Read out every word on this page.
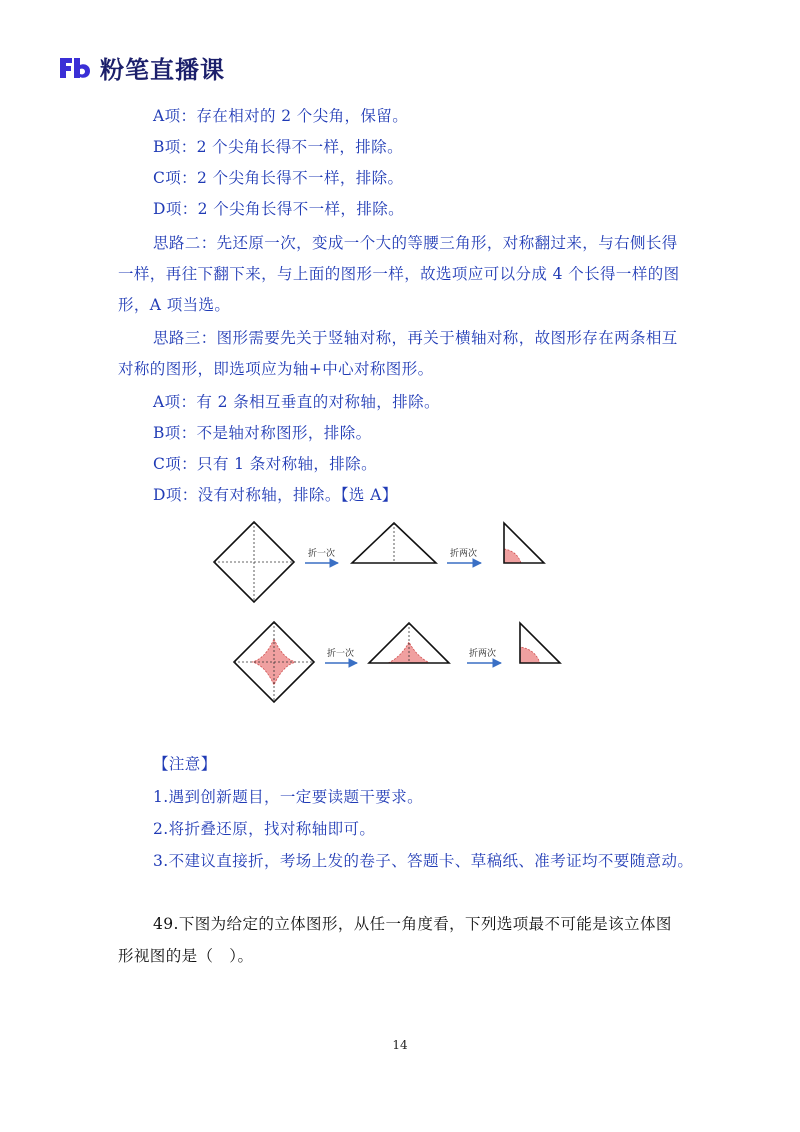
粉笔直播课
A项：存在相对的 2 个尖角，保留。
B项：2 个尖角长得不一样，排除。
C项：2 个尖角长得不一样，排除。
D项：2 个尖角长得不一样，排除。
思路二：先还原一次，变成一个大的等腰三角形，对称翻过来，与右侧长得
一样，再往下翻下来，与上面的图形一样，故选项应可以分成 4 个长得一样的图
形，A 项当选。
思路三：图形需要先关于竖轴对称，再关于横轴对称，故图形存在两条相互
对称的图形，即选项应为轴+中心对称图形。
A项：有 2 条相互垂直的对称轴，排除。
B项：不是轴对称图形，排除。
C项：只有 1 条对称轴，排除。
D项：没有对称轴，排除。【选 A】
折一次	折两次
折一次	折两次
【注意】
1.遇到创新题目，一定要读题干要求。
2.将折叠还原，找对称轴即可。
3.不建议直接折，考场上发的卷子、答题卡、草稿纸、准考证均不要随意动。
49.下图为给定的立体图形，从任一角度看，下列选项最不可能是该立体图
形视图的是（　）。
14
